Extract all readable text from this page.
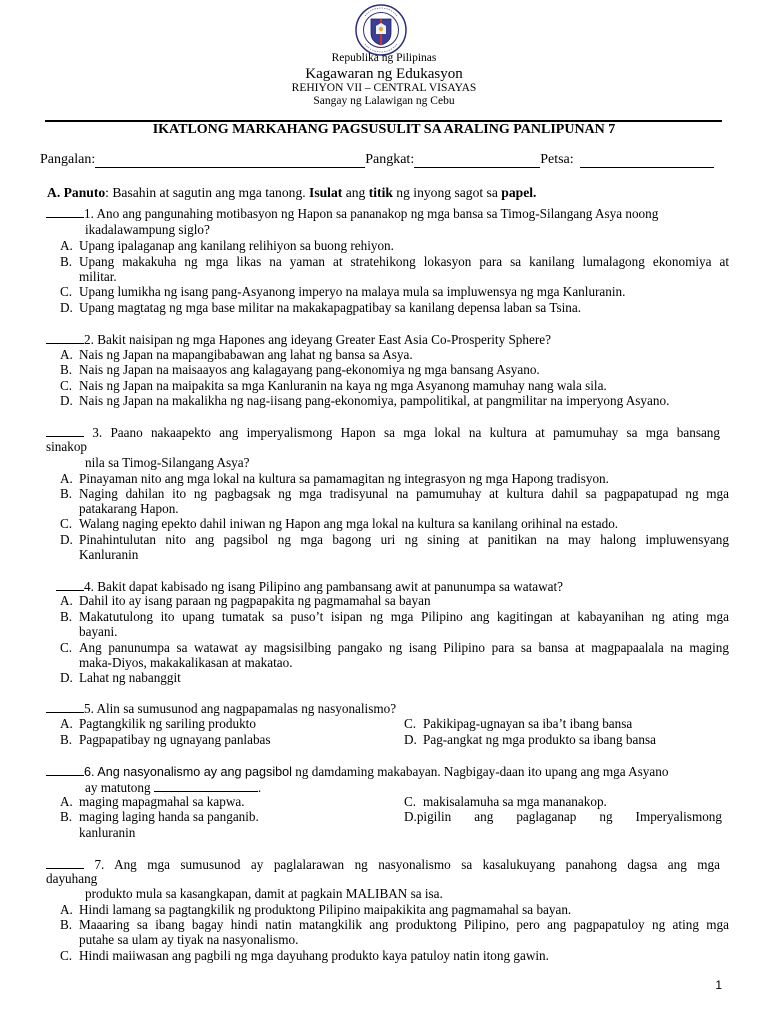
Republika ng Pilipinas
Kagawaran ng Edukasyon
REHIYON VII – CENTRAL VISAYAS
Sangay ng Lalawigan ng Cebu
IKATLONG MARKAHANG PAGSUSULIT SA ARALING PANLIPUNAN 7
Pangalan:	Pangkat:	Petsa:
A. Panuto: Basahin at sagutin ang mga tanong. Isulat ang titik ng inyong sagot sa papel.
1. Ano ang pangunahing motibasyon ng Hapon sa pananakop ng mga bansa sa Timog-Silangang Asya noong
ikadalawampung siglo?
A. Upang ipalaganap ang kanilang relihiyon sa buong rehiyon.
B. Upang makakuha ng mga likas na yaman at stratehikong lokasyon para sa kanilang lumalagong ekonomiya at
militar.
C. Upang lumikha ng isang pang-Asyanong imperyo na malaya mula sa impluwensya ng mga Kanluranin.
D. Upang magtatag ng mga base militar na makakapagpatibay sa kanilang depensa laban sa Tsina.
2. Bakit naisipan ng mga Hapones ang ideyang Greater East Asia Co-Prosperity Sphere?
A. Nais ng Japan na mapangibabawan ang lahat ng bansa sa Asya.
B. Nais ng Japan na maisaayos ang kalagayang pang-ekonomiya ng mga bansang Asyano.
C. Nais ng Japan na maipakita sa mga Kanluranin na kaya ng mga Asyanong mamuhay nang wala sila.
D. Nais ng Japan na makalikha ng nag-iisang pang-ekonomiya, pampolitikal, at pangmilitar na imperyong Asyano.
3. Paano nakaapekto ang imperyalismong Hapon sa mga lokal na kultura at pamumuhay sa mga bansang
sinakop
nila sa Timog-Silangang Asya?
A. Pinayaman nito ang mga lokal na kultura sa pamamagitan ng integrasyon ng mga Hapong tradisyon.
B. Naging dahilan ito ng pagbagsak ng mga tradisyunal na pamumuhay at kultura dahil sa pagpapatupad ng mga
patakarang Hapon.
C. Walang naging epekto dahil iniwan ng Hapon ang mga lokal na kultura sa kanilang orihinal na estado.
D. Pinahintulutan nito ang pagsibol ng mga bagong uri ng sining at panitikan na may halong impluwensyang
Kanluranin
4. Bakit dapat kabisado ng isang Pilipino ang pambansang awit at panunumpa sa watawat?
A. Dahil ito ay isang paraan ng pagpapakita ng pagmamahal sa bayan
B. Makatutulong ito upang tumatak sa puso’t isipan ng mga Pilipino ang kagitingan at kabayanihan ng ating mga
bayani.
C. Ang panunumpa sa watawat ay magsisilbing pangako ng isang Pilipino para sa bansa at magpapaalala na maging
maka-Diyos, makakalikasan at makatao.
D. Lahat ng nabanggit
5. Alin sa sumusunod ang nagpapamalas ng nasyonalismo?
A. Pagtangkilik ng sariling produkto	C. Pakikipag-ugnayan sa iba’t ibang bansa
B. Pagpapatibay ng ugnayang panlabas	D. Pag-angkat ng mga produkto sa ibang bansa
6. Ang nasyonalismo ay ang pagsibol ng damdaming makabayan. Nagbigay-daan ito upang ang mga Asyano
ay matutong	.
A. maging mapagmahal sa kapwa.	C. makisalamuha sa mga mananakop.
B. maging laging handa sa panganib.	D.pigilin ang paglaganap ng Imperyalismong
kanluranin
7. Ang mga sumusunod ay paglalarawan ng nasyonalismo sa kasalukuyang panahong dagsa ang mga
dayuhang
produkto mula sa kasangkapan, damit at pagkain MALIBAN sa isa.
A. Hindi lamang sa pagtangkilik ng produktong Pilipino maipakikita ang pagmamahal sa bayan.
B. Maaaring sa ibang bagay hindi natin matangkilik ang produktong Pilipino, pero ang pagpapatuloy ng ating mga
putahe sa ulam ay tiyak na nasyonalismo.
C. Hindi maiiwasan ang pagbili ng mga dayuhang produkto kaya patuloy natin itong gawin.
1
